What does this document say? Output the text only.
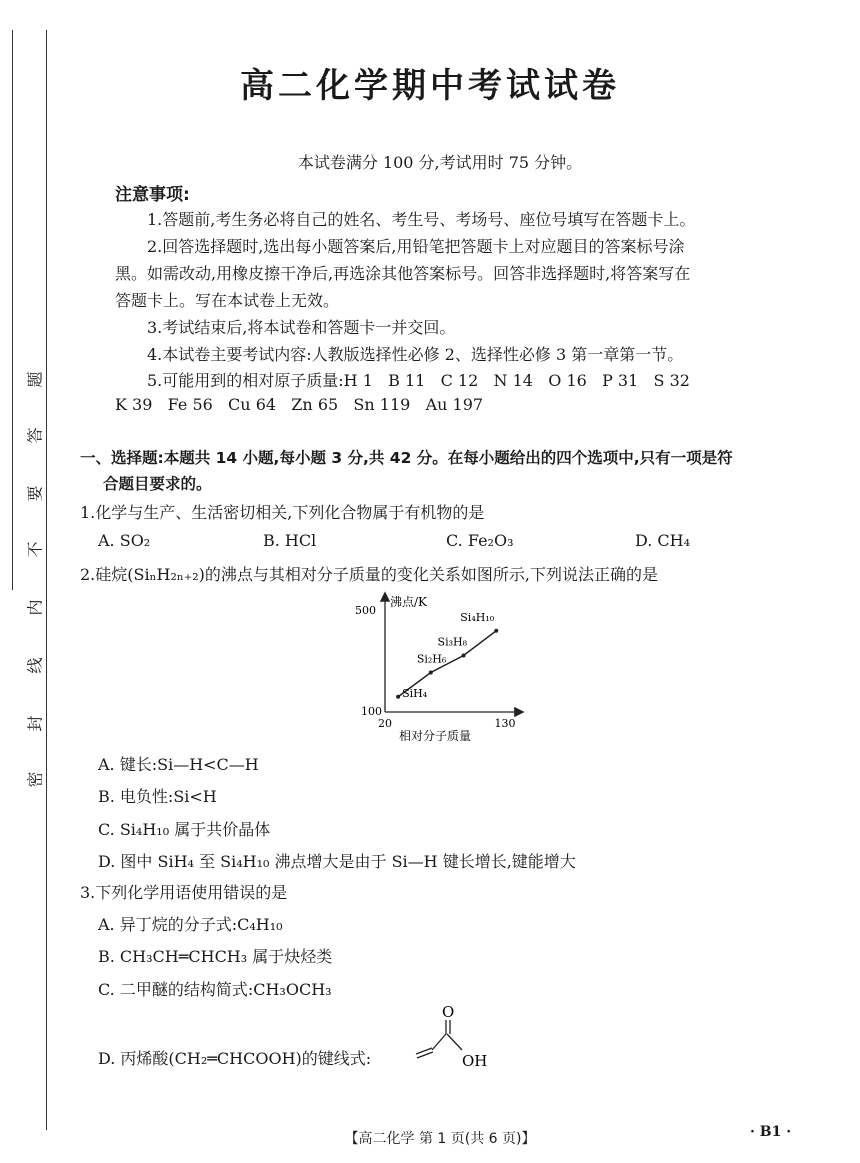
题
答
要
不
内
线
封
密
高二化学期中考试试卷
本试卷满分 100 分,考试用时 75 分钟。
注意事项:
1.答题前,考生务必将自己的姓名、考生号、考场号、座位号填写在答题卡上。
2.回答选择题时,选出每小题答案后,用铅笔把答题卡上对应题目的答案标号涂
黑。如需改动,用橡皮擦干净后,再选涂其他答案标号。回答非选择题时,将答案写在
答题卡上。写在本试卷上无效。
3.考试结束后,将本试卷和答题卡一并交回。
4.本试卷主要考试内容:人教版选择性必修 2、选择性必修 3 第一章第一节。
5.可能用到的相对原子质量:H 1   B 11   C 12   N 14   O 16   P 31   S 32
K 39   Fe 56   Cu 64   Zn 65   Sn 119   Au 197
一、选择题:本题共 14 小题,每小题 3 分,共 42 分。在每小题给出的四个选项中,只有一项是符
合题目要求的。
1.化学与生产、生活密切相关,下列化合物属于有机物的是
A. SO₂	B. HCl	C. Fe₂O₃	D. CH₄
2.硅烷(SiₙH₂ₙ₊₂)的沸点与其相对分子质量的变化关系如图所示,下列说法正确的是
沸点/K
500
100
20	130
相对分子质量
SiH₄
Si₂H₆
Si₃H₈
Si₄H₁₀
A. 键长:Si—H<C—H
B. 电负性:Si<H
C. Si₄H₁₀ 属于共价晶体
D. 图中 SiH₄ 至 Si₄H₁₀ 沸点增大是由于 Si—H 键长增长,键能增大
3.下列化学用语使用错误的是
A. 异丁烷的分子式:C₄H₁₀
B. CH₃CH═CHCH₃ 属于炔烃类
C. 二甲醚的结构简式:CH₃OCH₃
D. 丙烯酸(CH₂═CHCOOH)的键线式:
O
OH
【高二化学 第 1 页(共 6 页)】	· B1 ·
